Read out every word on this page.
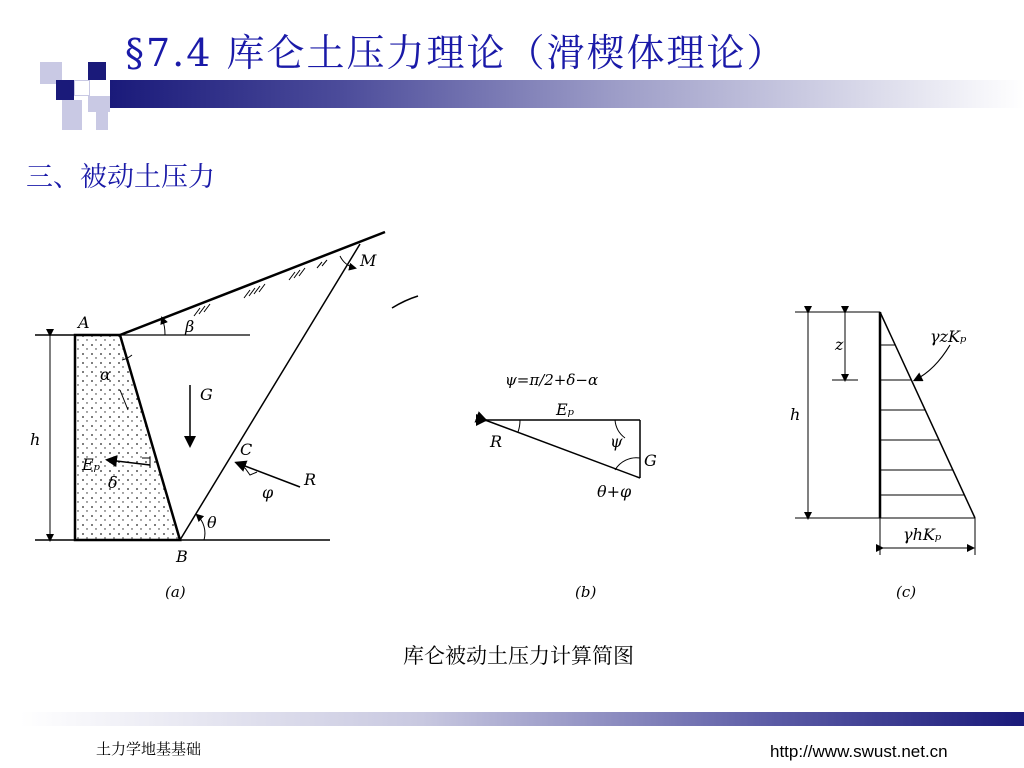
§7.4 库仑土压力理论（滑楔体理论）
三、被动土压力
A
B
C
M
G
R
h
α
β
δ
φ
θ
Eₚ
(a)
ψ=π/2+δ−α
Eₚ
R	ψ
G
θ+φ
(b)
z
h
γzKₚ
γhKₚ
(c)
库仑被动土压力计算简图
土力学地基基础	http://www.swust.net.cn
